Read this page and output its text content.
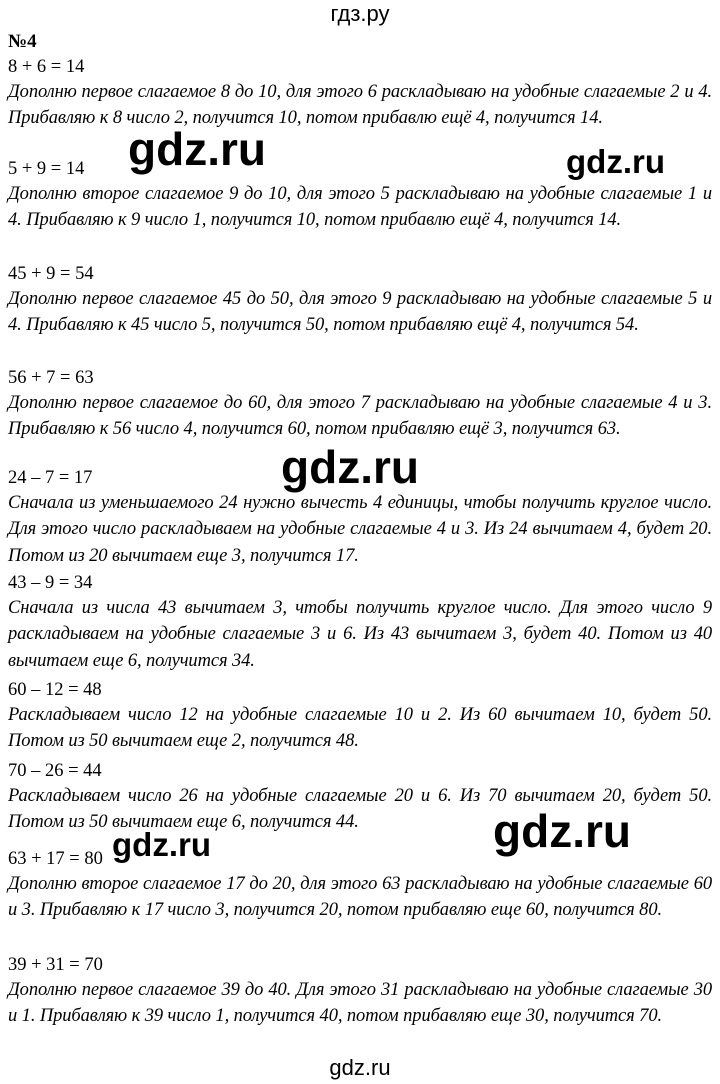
гдз.ру
№4
8 + 6 = 14
Дополню первое слагаемое 8 до 10, для этого 6 раскладываю на удобные слагаемые 2 и 4. Прибавляю к 8 число 2, получится 10, потом прибавлю ещё 4, получится 14.
5 + 9 = 14
Дополню второе слагаемое 9 до 10, для этого 5 раскладываю на удобные слагаемые 1 и 4. Прибавляю к 9 число 1, получится 10, потом прибавлю ещё 4, получится 14.
45 + 9 = 54
Дополню первое слагаемое 45 до 50, для этого 9 раскладываю на удобные слагаемые 5 и 4. Прибавляю к 45 число 5, получится 50, потом прибавляю ещё 4, получится 54.
56 + 7 = 63
Дополню первое слагаемое до 60, для этого 7 раскладываю на удобные слагаемые 4 и 3. Прибавляю к 56 число 4, получится 60, потом прибавляю ещё 3, получится 63.
24 – 7 = 17
Сначала из уменьшаемого 24 нужно вычесть 4 единицы, чтобы получить круглое число. Для этого число раскладываем на удобные слагаемые 4 и 3. Из 24 вычитаем 4, будет 20. Потом из 20 вычитаем еще 3, получится 17.
43 – 9 = 34
Сначала из числа 43 вычитаем 3, чтобы получить круглое число. Для этого число 9 раскладываем на удобные слагаемые 3 и 6. Из 43 вычитаем 3, будет 40. Потом из 40 вычитаем еще 6, получится 34.
60 – 12 = 48
Раскладываем число 12 на удобные слагаемые 10 и 2. Из 60 вычитаем 10, будет 50. Потом из 50 вычитаем еще 2, получится 48.
70 – 26 = 44
Раскладываем число 26 на удобные слагаемые 20 и 6. Из 70 вычитаем 20, будет 50. Потом из 50 вычитаем еще 6, получится 44.
63 + 17 = 80
Дополню второе слагаемое 17 до 20, для этого 63 раскладываю на удобные слагаемые 60 и 3. Прибавляю к 17 число 3, получится 20, потом прибавляю еще 60, получится 80.
39 + 31 = 70
Дополню первое слагаемое 39 до 40. Для этого 31 раскладываю на удобные слагаемые 30 и 1. Прибавляю к 39 число 1, получится 40, потом прибавляю еще 30, получится 70.
gdz.ru	gdz.ru
gdz.ru
gdz.ru
gdz.ru
gdz.ru
